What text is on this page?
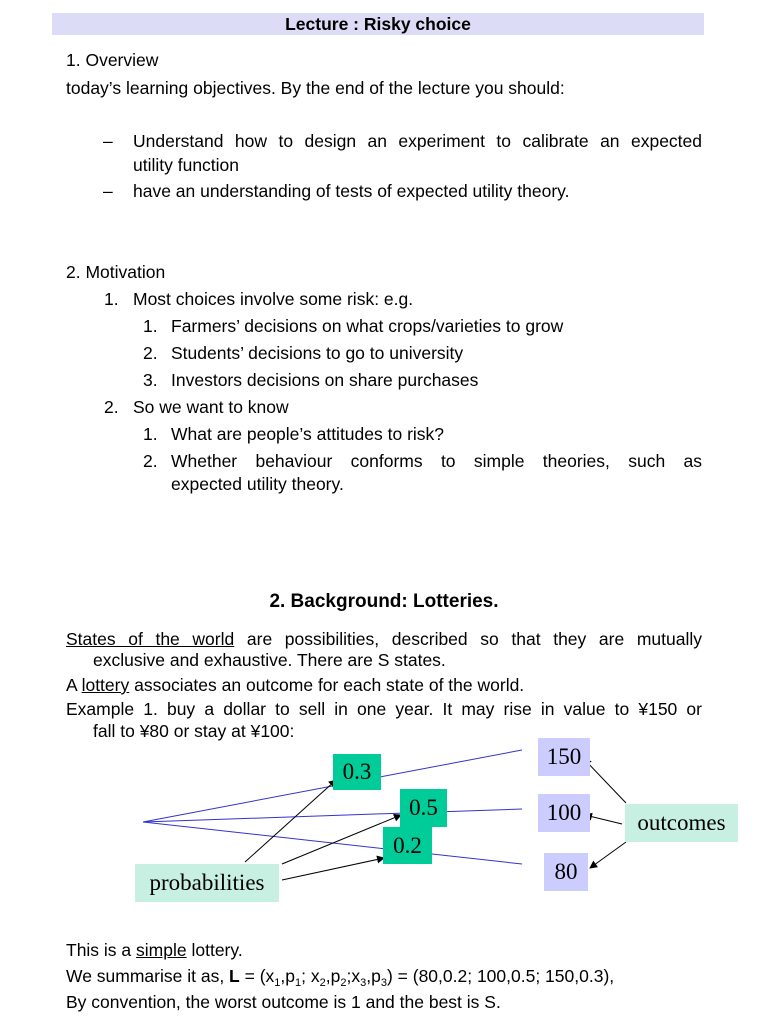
Lecture : Risky choice
1. Overview
today’s learning objectives. By the end of the lecture you should:
– Understand how to design an experiment to calibrate an expected
utility function
– have an understanding of tests of expected utility theory.
2. Motivation
1. Most choices involve some risk: e.g.
1. Farmers’ decisions on what crops/varieties to grow
2. Students’ decisions to go to university
3. Investors decisions on share purchases
2. So we want to know
1. What are people’s attitudes to risk?
2. Whether behaviour conforms to simple theories, such as
expected utility theory.
2. Background: Lotteries.
States of the world are possibilities, described so that they are mutually
exclusive and exhaustive. There are S states.
A lottery associates an outcome for each state of the world.
Example 1. buy a dollar to sell in one year. It may rise in value to ¥150 or
fall to ¥80 or stay at ¥100:
0.3
0.5
0.2
probabilities
150
100
80
outcomes
This is a simple lottery.
We summarise it as, $L = (x_1,p_1$; $x_2,p_2;x_3,p_3) = (80,0.2$; 100,0.5; 150,0.3),
By convention, the worst outcome is 1 and the best is S.
